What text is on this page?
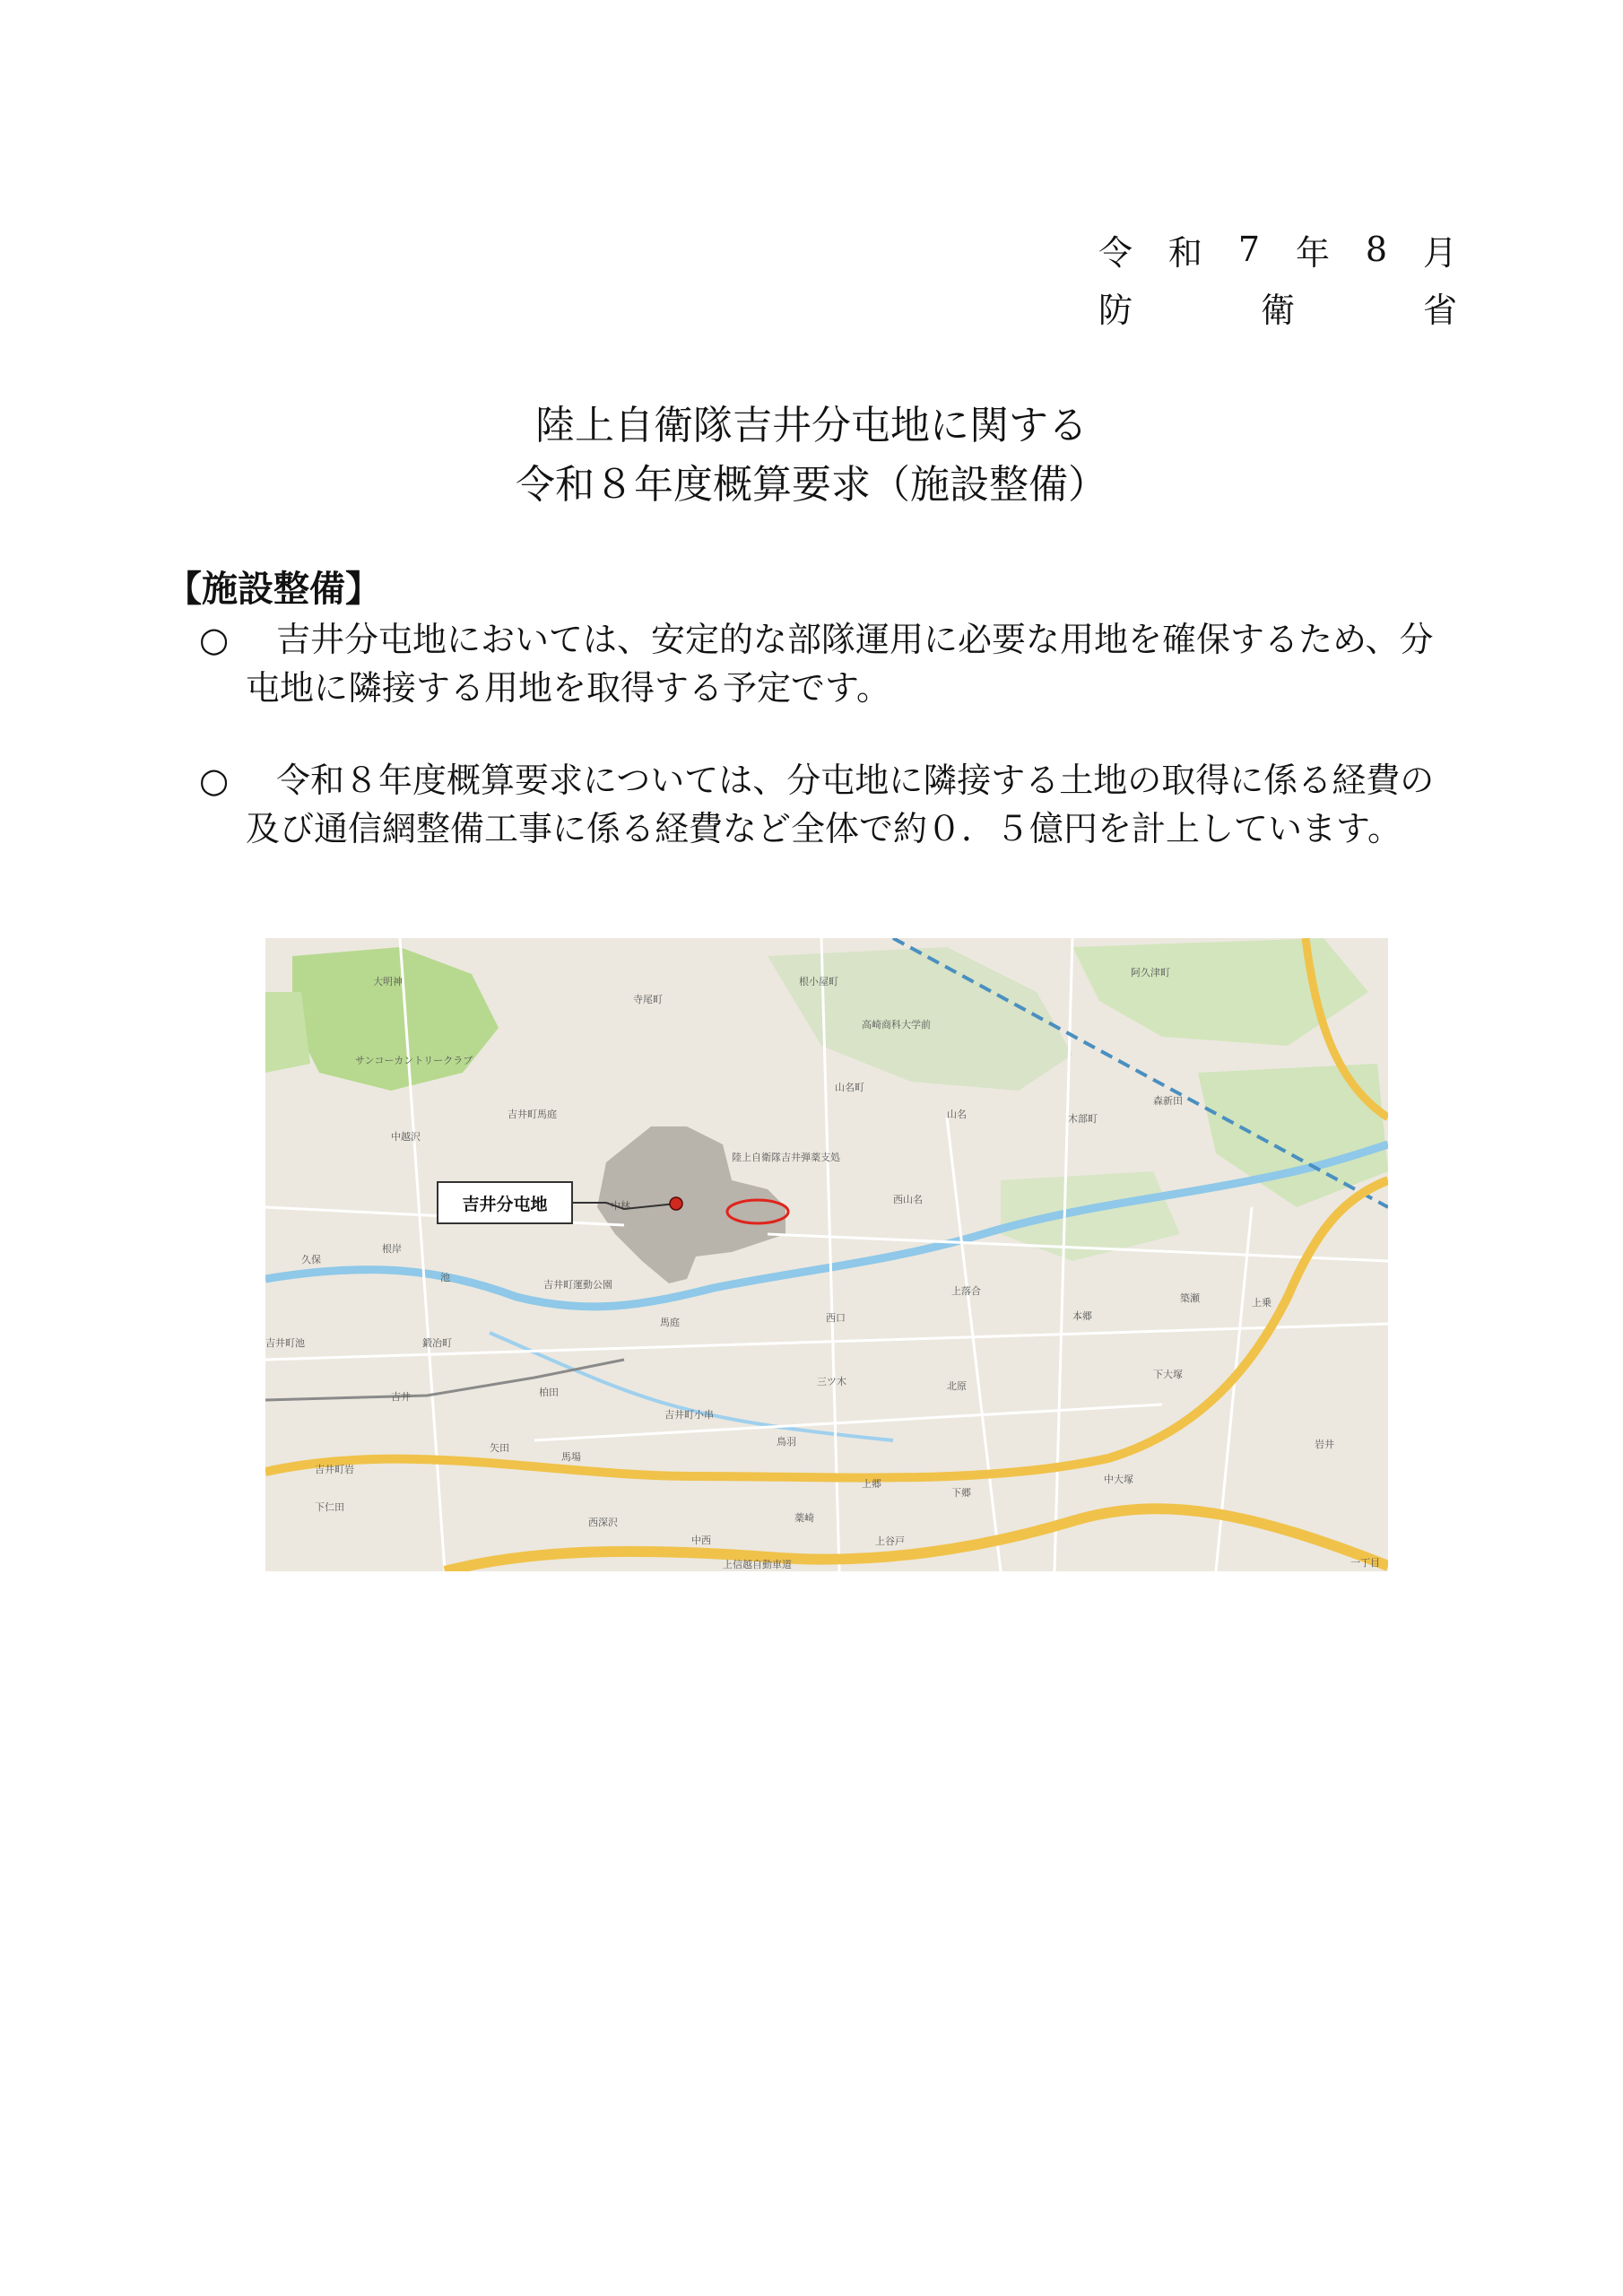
令 和 7 年 8 月
防	衛	省
陸上自衛隊吉井分屯地に関する
令和８年度概算要求（施設整備）
【施設整備】
○	吉井分屯地においては、安定的な部隊運用に必要な用地を確保するため、分屯地に隣接する用地を取得する予定です。
○	令和８年度概算要求については、分屯地に隣接する土地の取得に係る経費の及び通信網整備工事に係る経費など全体で約０．５億円を計上しています。
大明神
寺尾町
根小屋町
阿久津町
高崎商科大学前
サンコーカントリークラブ
山名町
山名	木部町
森新田
吉井町馬庭
中越沢
陸上自衛隊吉井弾薬支処
中林
西山名
吉井町運動公園
池
久保
上落合
本郷
築瀬	上乗
吉井町池	鍛冶町
馬庭	西口
三ツ木	北原
下大塚
吉井	柏田
吉井町小串
矢田
馬場
鳥羽
上郷
下郷
中大塚
吉井町岩
下仁田
西深沢
中西
薬崎
上谷戸
上信越自動車道
岩井
根岸
一丁目
吉井分屯地
